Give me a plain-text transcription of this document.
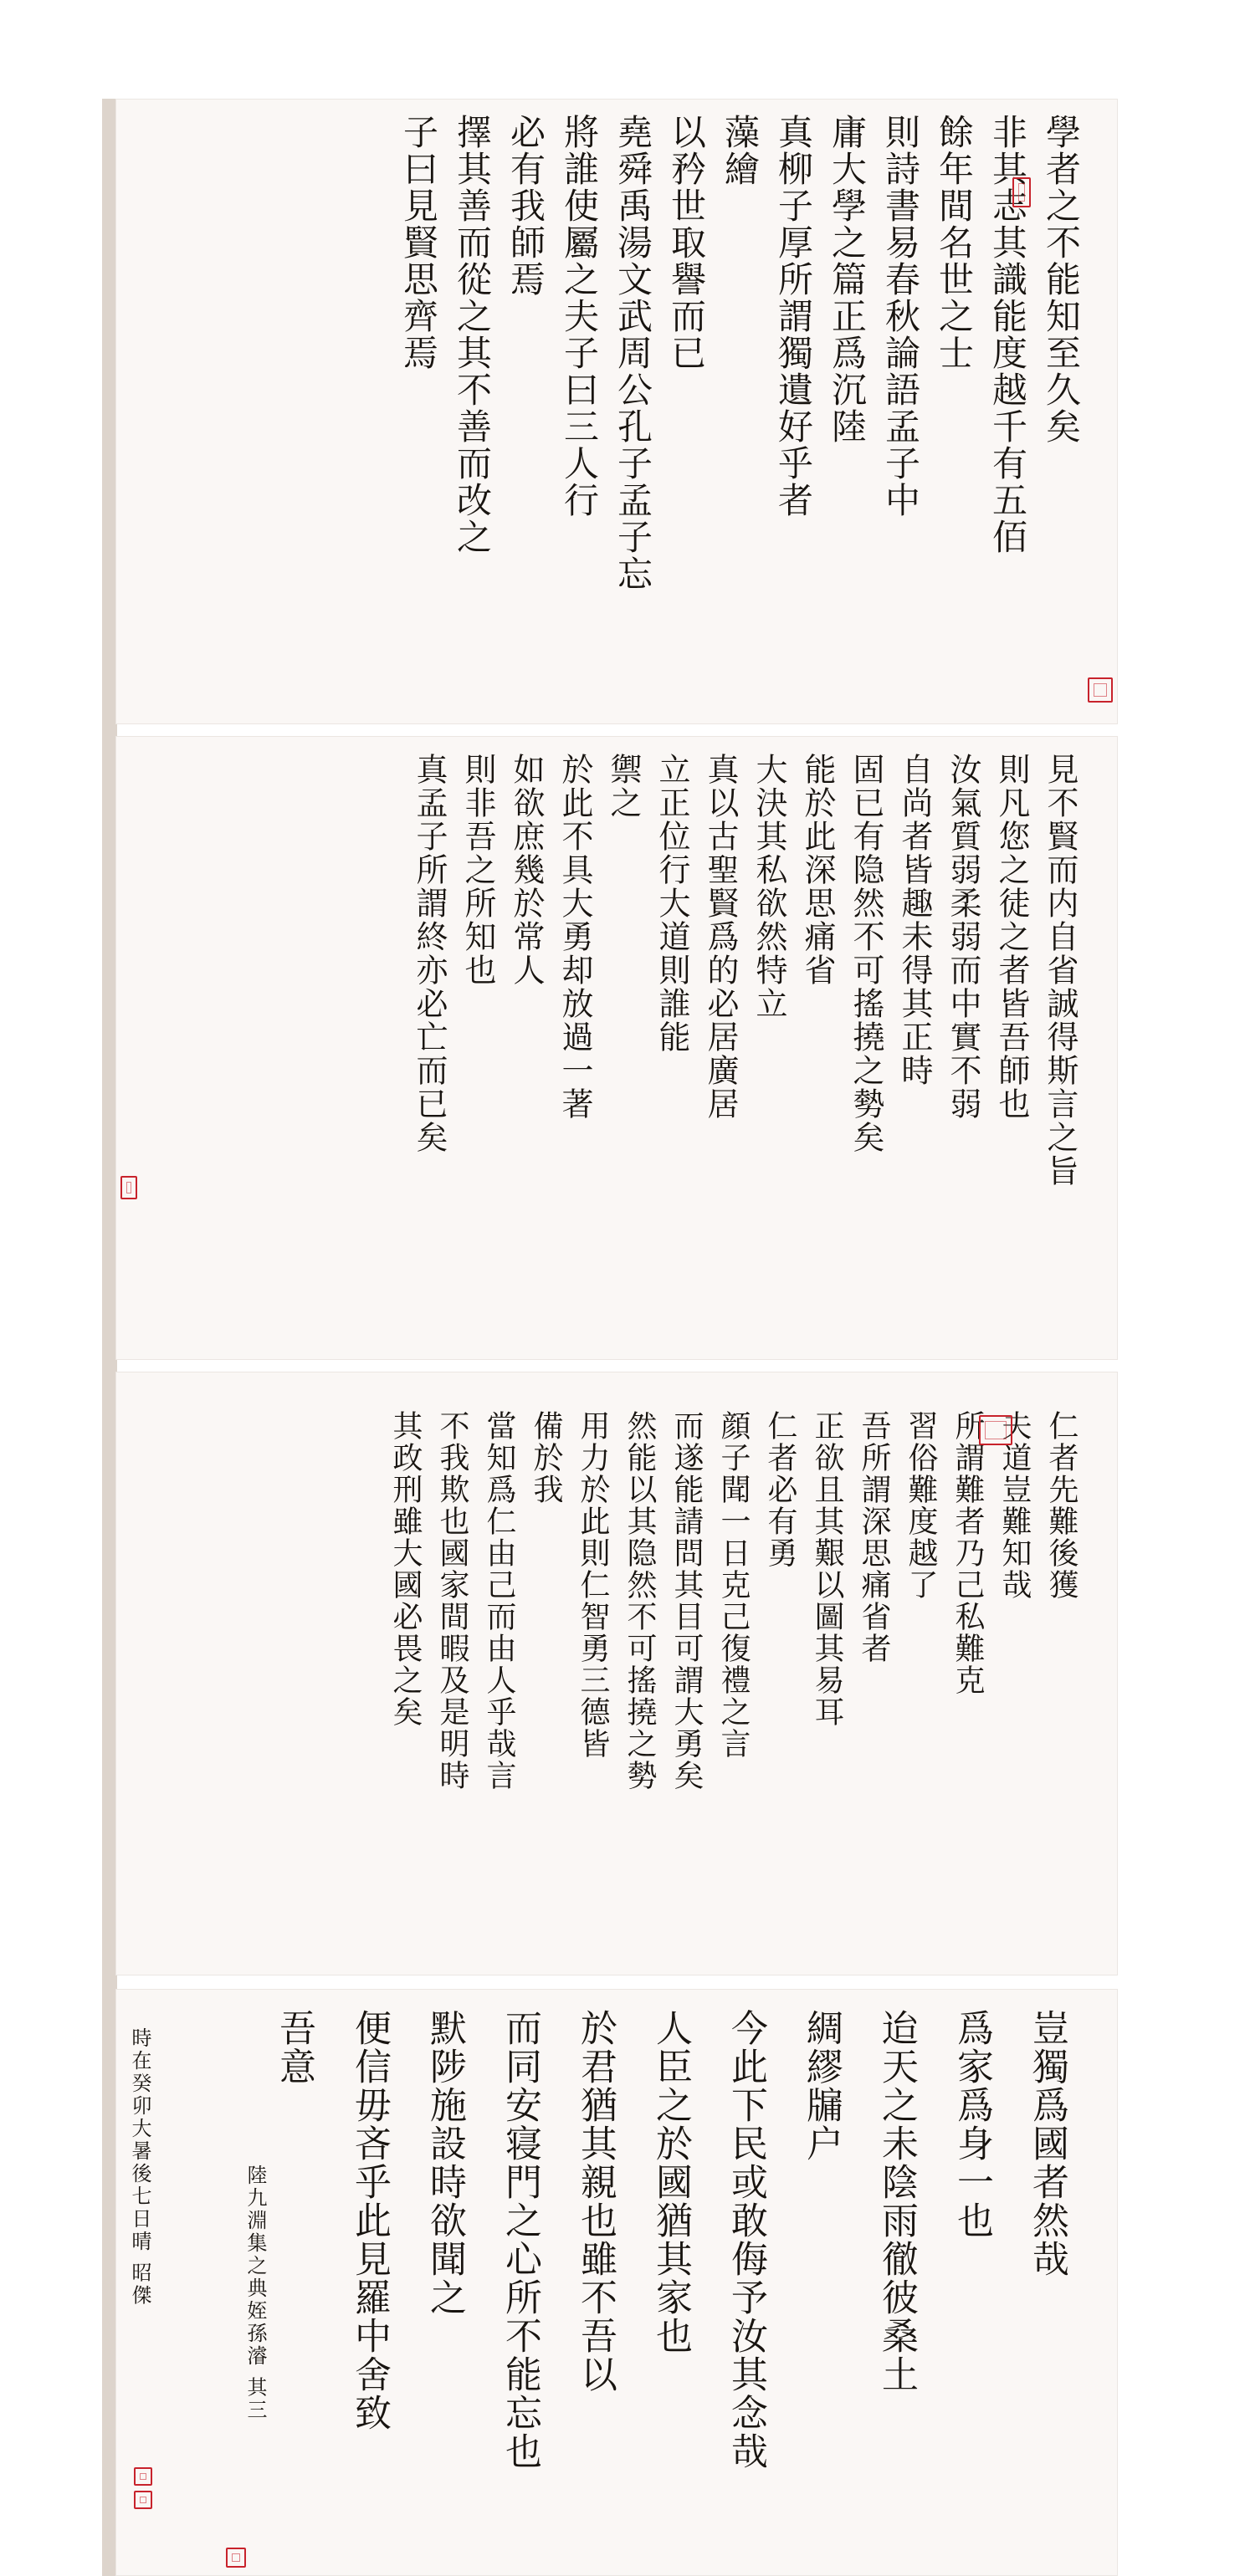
學者之不能知至久矣
非其志其識能度越千有五佰
餘年間名世之士
則詩書易春秋論語孟子中
庸大學之篇正爲沉陸
真柳子厚所謂獨遺好乎者
藻繪
以矜世取譽而已
堯舜禹湯文武周公孔子孟子忘
將誰使屬之夫子曰三人行
必有我師焉
擇其善而從之其不善而改之
子曰見賢思齊焉
見不賢而内自省誠得斯言之旨
則凡您之徒之者皆吾師也
汝氣質弱柔弱而中實不弱
自尚者皆趣未得其正時
固已有隐然不可搖撓之勢矣
能於此深思痛省
大決其私欲然特立
真以古聖賢爲的必居廣居
立正位行大道則誰能
禦之
於此不具大勇却放過一著
如欲庶幾於常人
則非吾之所知也
真孟子所謂終亦必亡而已矣
仁者先難後獲
夫道豈難知哉
所謂難者乃己私難克
習俗難度越了
吾所謂深思痛省者
正欲且其艱以圖其易耳
仁者必有勇
顔子聞一日克己復禮之言
而遂能請問其目可謂大勇矣
然能以其隐然不可搖撓之勢
用力於此則仁智勇三德皆
備於我
當知爲仁由己而由人乎哉言
不我欺也國家間暇及是明時
其政刑雖大國必畏之矣
豈獨爲國者然哉
爲家爲身一也
迨天之未陰雨徹彼桑土
綢繆牖户
今此下民或敢侮予汝其念哉
人臣之於國猶其家也
於君猶其親也雖不吾以
而同安寝門之心所不能忘也
默陟施設時欲聞之
便信毋吝乎此見羅中舍致
吾意
陸九淵集之典姪孫濬 其三
時在癸卯大暑後七日晴 昭傑
